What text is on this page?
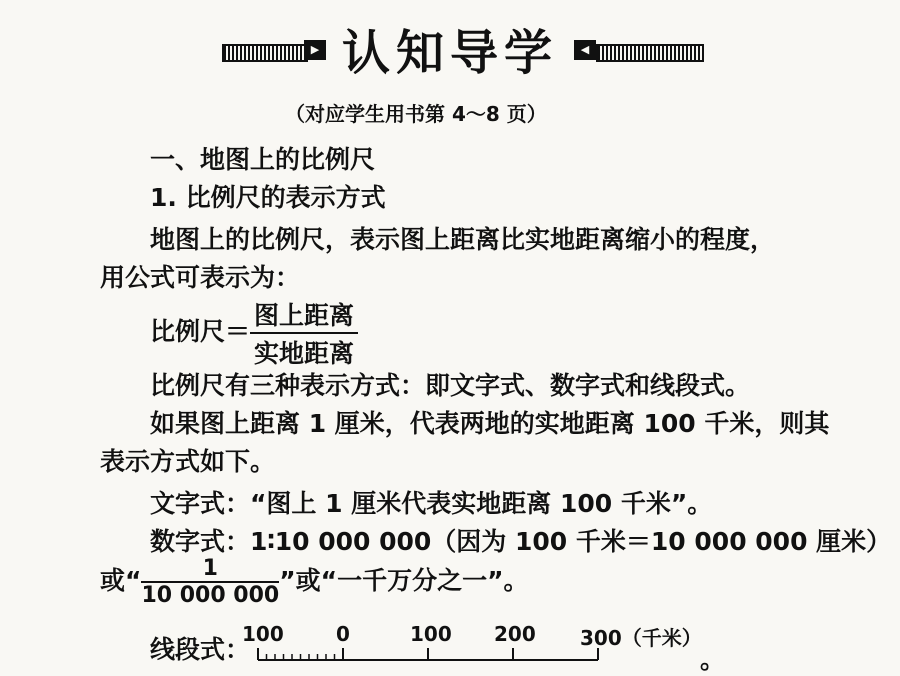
▶ 认知导学	◀
（对应学生用书第 4～8 页）
一、地图上的比例尺
1. 比例尺的表示方式
地图上的比例尺，表示图上距离比实地距离缩小的程度，
用公式可表示为：
比例尺＝ $\frac{\text{图上距离}}{\text{实地距离}}$
比例尺有三种表示方式：即文字式、数字式和线段式。
如果图上距离 1 厘米，代表两地的实地距离 100 千米，则其
表示方式如下。
文字式：“图上 1 厘米代表实地距离 100 千米”。
数字式：1∶10 000 000（因为 100 千米＝10 000 000 厘米）
或“ $\frac{1}{10 000 000}$”或“一千万分之一”。
线段式：
100	0	100 200 300（千米）
。
